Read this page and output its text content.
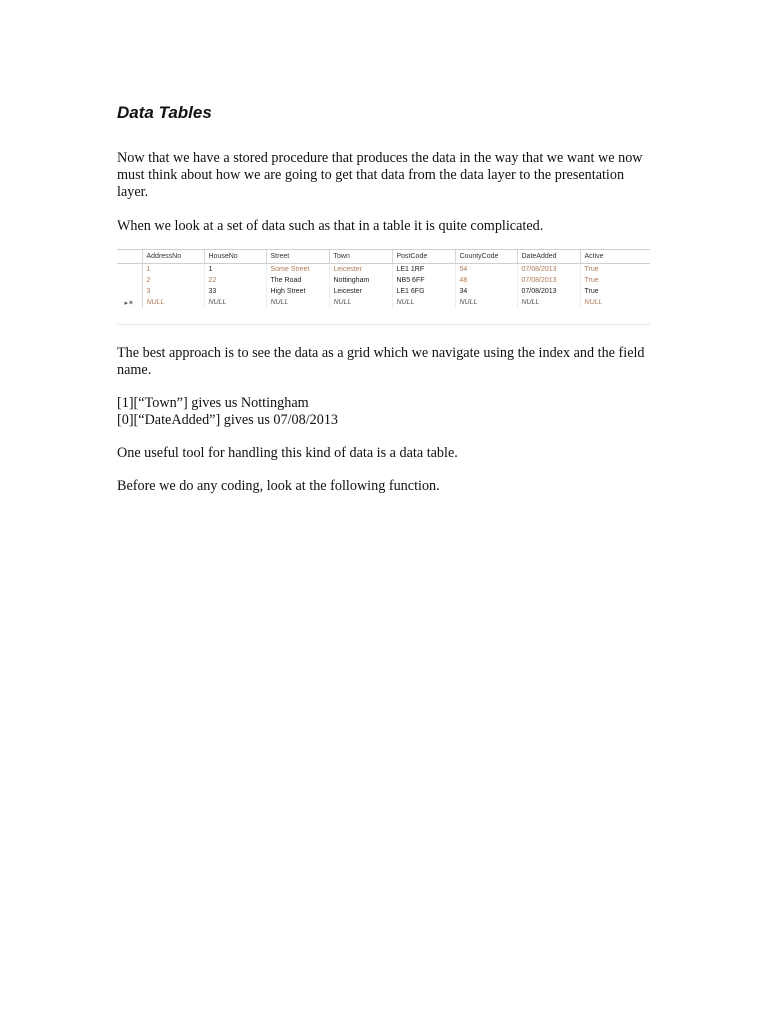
Data Tables

Now that we have a stored procedure that produces the data in the way that we want we now must think about how we are going to get that data from the data layer to the presentation layer.

When we look at a set of data such as that in a table it is quite complicated.

	AddressNo	HouseNo	Street	Town	PostCode	CountyCode	DateAdded	Active
	1	1	Some Street	Leicester	LE1 1RF	54	07/08/2013	True
	2	22	The Road	Nottingham	NB5 6FF	48	07/08/2013	True
	3	33	High Street	Leicester	LE1 6FG	34	07/08/2013	True
▸✶	NULL	NULL	NULL	NULL	NULL	NULL	NULL	NULL

The best approach is to see the data as a grid which we navigate using the index and the field name.

[1][“Town”] gives us Nottingham

[0][“DateAdded”] gives us 07/08/2013

One useful tool for handling this kind of data is a data table.

Before we do any coding, look at the following function.
